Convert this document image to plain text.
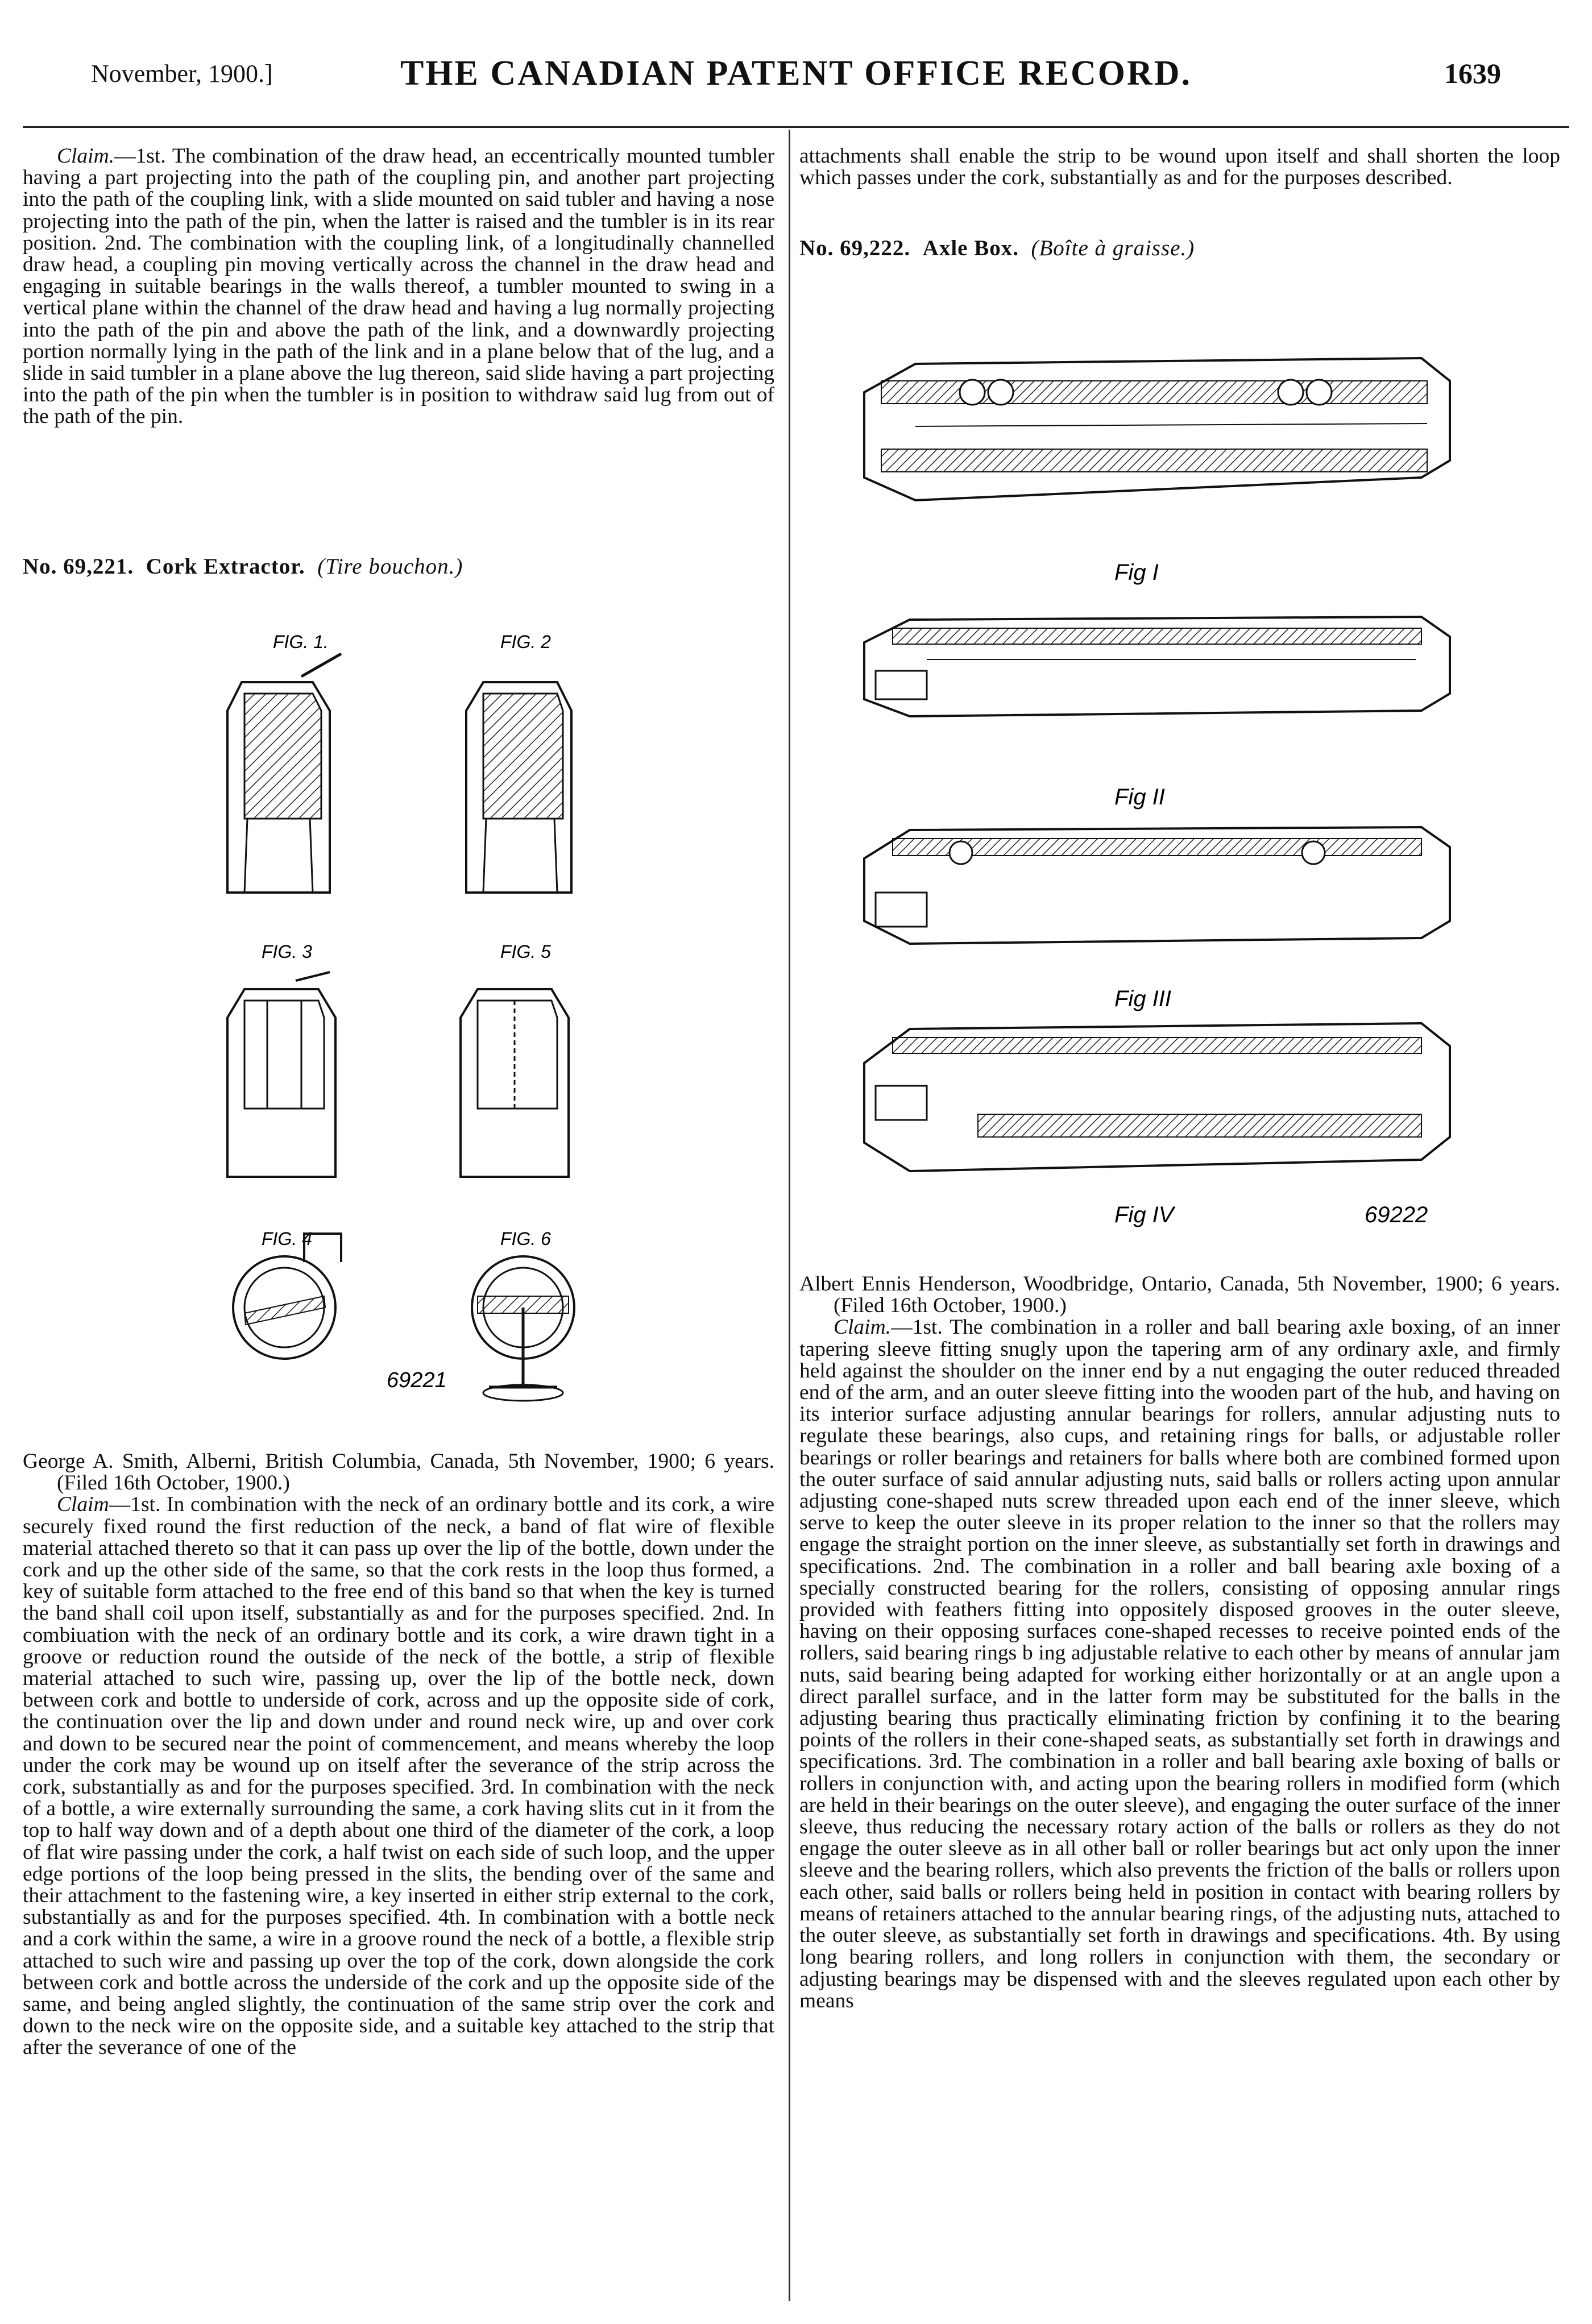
November, 1900.]	THE CANADIAN PATENT OFFICE RECORD.	1639

Claim.—1st. The combination of the draw head, an eccentrically mounted tumbler having a part projecting into the path of the coupling pin, and another part projecting into the path of the coupling link, with a slide mounted on said tubler and having a nose projecting into the path of the pin, when the latter is raised and the tumbler is in its rear position. 2nd. The combination with the coupling link, of a longitudinally channelled draw head, a coupling pin moving vertically across the channel in the draw head and engaging in suitable bearings in the walls thereof, a tumbler mounted to swing in a vertical plane within the channel of the draw head and having a lug normally projecting into the path of the pin and above the path of the link, and a downwardly projecting portion normally lying in the path of the link and in a plane below that of the lug, and a slide in said tumbler in a plane above the lug thereon, said slide having a part projecting into the path of the pin when the tumbler is in position to withdraw said lug from out of the path of the pin.

No. 69,221. Cork Extractor. (Tire bouchon.)

FIG. 1.	FIG. 2
FIG. 3	FIG. 5
FIG. 4	FIG. 6
69221

George A. Smith, Alberni, British Columbia, Canada, 5th November, 1900; 6 years. (Filed 16th October, 1900.)

Claim—1st. In combination with the neck of an ordinary bottle and its cork, a wire securely fixed round the first reduction of the neck, a band of flat wire of flexible material attached thereto so that it can pass up over the lip of the bottle, down under the cork and up the other side of the same, so that the cork rests in the loop thus formed, a key of suitable form attached to the free end of this band so that when the key is turned the band shall coil upon itself, substantially as and for the purposes specified. 2nd. In combiuation with the neck of an ordinary bottle and its cork, a wire drawn tight in a groove or reduction round the outside of the neck of the bottle, a strip of flexible material attached to such wire, passing up, over the lip of the bottle neck, down between cork and bottle to underside of cork, across and up the opposite side of cork, the continuation over the lip and down under and round neck wire, up and over cork and down to be secured near the point of commencement, and means whereby the loop under the cork may be wound up on itself after the severance of the strip across the cork, substantially as and for the purposes specified. 3rd. In combination with the neck of a bottle, a wire externally surrounding the same, a cork having slits cut in it from the top to half way down and of a depth about one third of the diameter of the cork, a loop of flat wire passing under the cork, a half twist on each side of such loop, and the upper edge portions of the loop being pressed in the slits, the bending over of the same and their attachment to the fastening wire, a key inserted in either strip external to the cork, substantially as and for the purposes specified. 4th. In combination with a bottle neck and a cork within the same, a wire in a groove round the neck of a bottle, a flexible strip attached to such wire and passing up over the top of the cork, down alongside the cork between cork and bottle across the underside of the cork and up the opposite side of the same, and being angled slightly, the continuation of the same strip over the cork and down to the neck wire on the opposite side, and a suitable key attached to the strip that after the severance of one of the

attachments shall enable the strip to be wound upon itself and shall shorten the loop which passes under the cork, substantially as and for the purposes described.

No. 69,222. Axle Box. (Boîte à graisse.)

Fig I
Fig II
Fig III
Fig IV	69222

Albert Ennis Henderson, Woodbridge, Ontario, Canada, 5th November, 1900; 6 years. (Filed 16th October, 1900.)

Claim.—1st. The combination in a roller and ball bearing axle boxing, of an inner tapering sleeve fitting snugly upon the tapering arm of any ordinary axle, and firmly held against the shoulder on the inner end by a nut engaging the outer reduced threaded end of the arm, and an outer sleeve fitting into the wooden part of the hub, and having on its interior surface adjusting annular bearings for rollers, annular adjusting nuts to regulate these bearings, also cups, and retaining rings for balls, or adjustable roller bearings or roller bearings and retainers for balls where both are combined formed upon the outer surface of said annular adjusting nuts, said balls or rollers acting upon annular adjusting cone-shaped nuts screw threaded upon each end of the inner sleeve, which serve to keep the outer sleeve in its proper relation to the inner so that the rollers may engage the straight portion on the inner sleeve, as substantially set forth in drawings and specifications. 2nd. The combination in a roller and ball bearing axle boxing of a specially constructed bearing for the rollers, consisting of opposing annular rings provided with feathers fitting into oppositely disposed grooves in the outer sleeve, having on their opposing surfaces cone-shaped recesses to receive pointed ends of the rollers, said bearing rings b ing adjustable relative to each other by means of annular jam nuts, said bearing being adapted for working either horizontally or at an angle upon a direct parallel surface, and in the latter form may be substituted for the balls in the adjusting bearing thus practically eliminating friction by confining it to the bearing points of the rollers in their cone-shaped seats, as substantially set forth in drawings and specifications. 3rd. The combination in a roller and ball bearing axle boxing of balls or rollers in conjunction with, and acting upon the bearing rollers in modified form (which are held in their bearings on the outer sleeve), and engaging the outer surface of the inner sleeve, thus reducing the necessary rotary action of the balls or rollers as they do not engage the outer sleeve as in all other ball or roller bearings but act only upon the inner sleeve and the bearing rollers, which also prevents the friction of the balls or rollers upon each other, said balls or rollers being held in position in contact with bearing rollers by means of retainers attached to the annular bearing rings, of the adjusting nuts, attached to the outer sleeve, as substantially set forth in drawings and specifications. 4th. By using long bearing rollers, and long rollers in conjunction with them, the secondary or adjusting bearings may be dispensed with and the sleeves regulated upon each other by means
